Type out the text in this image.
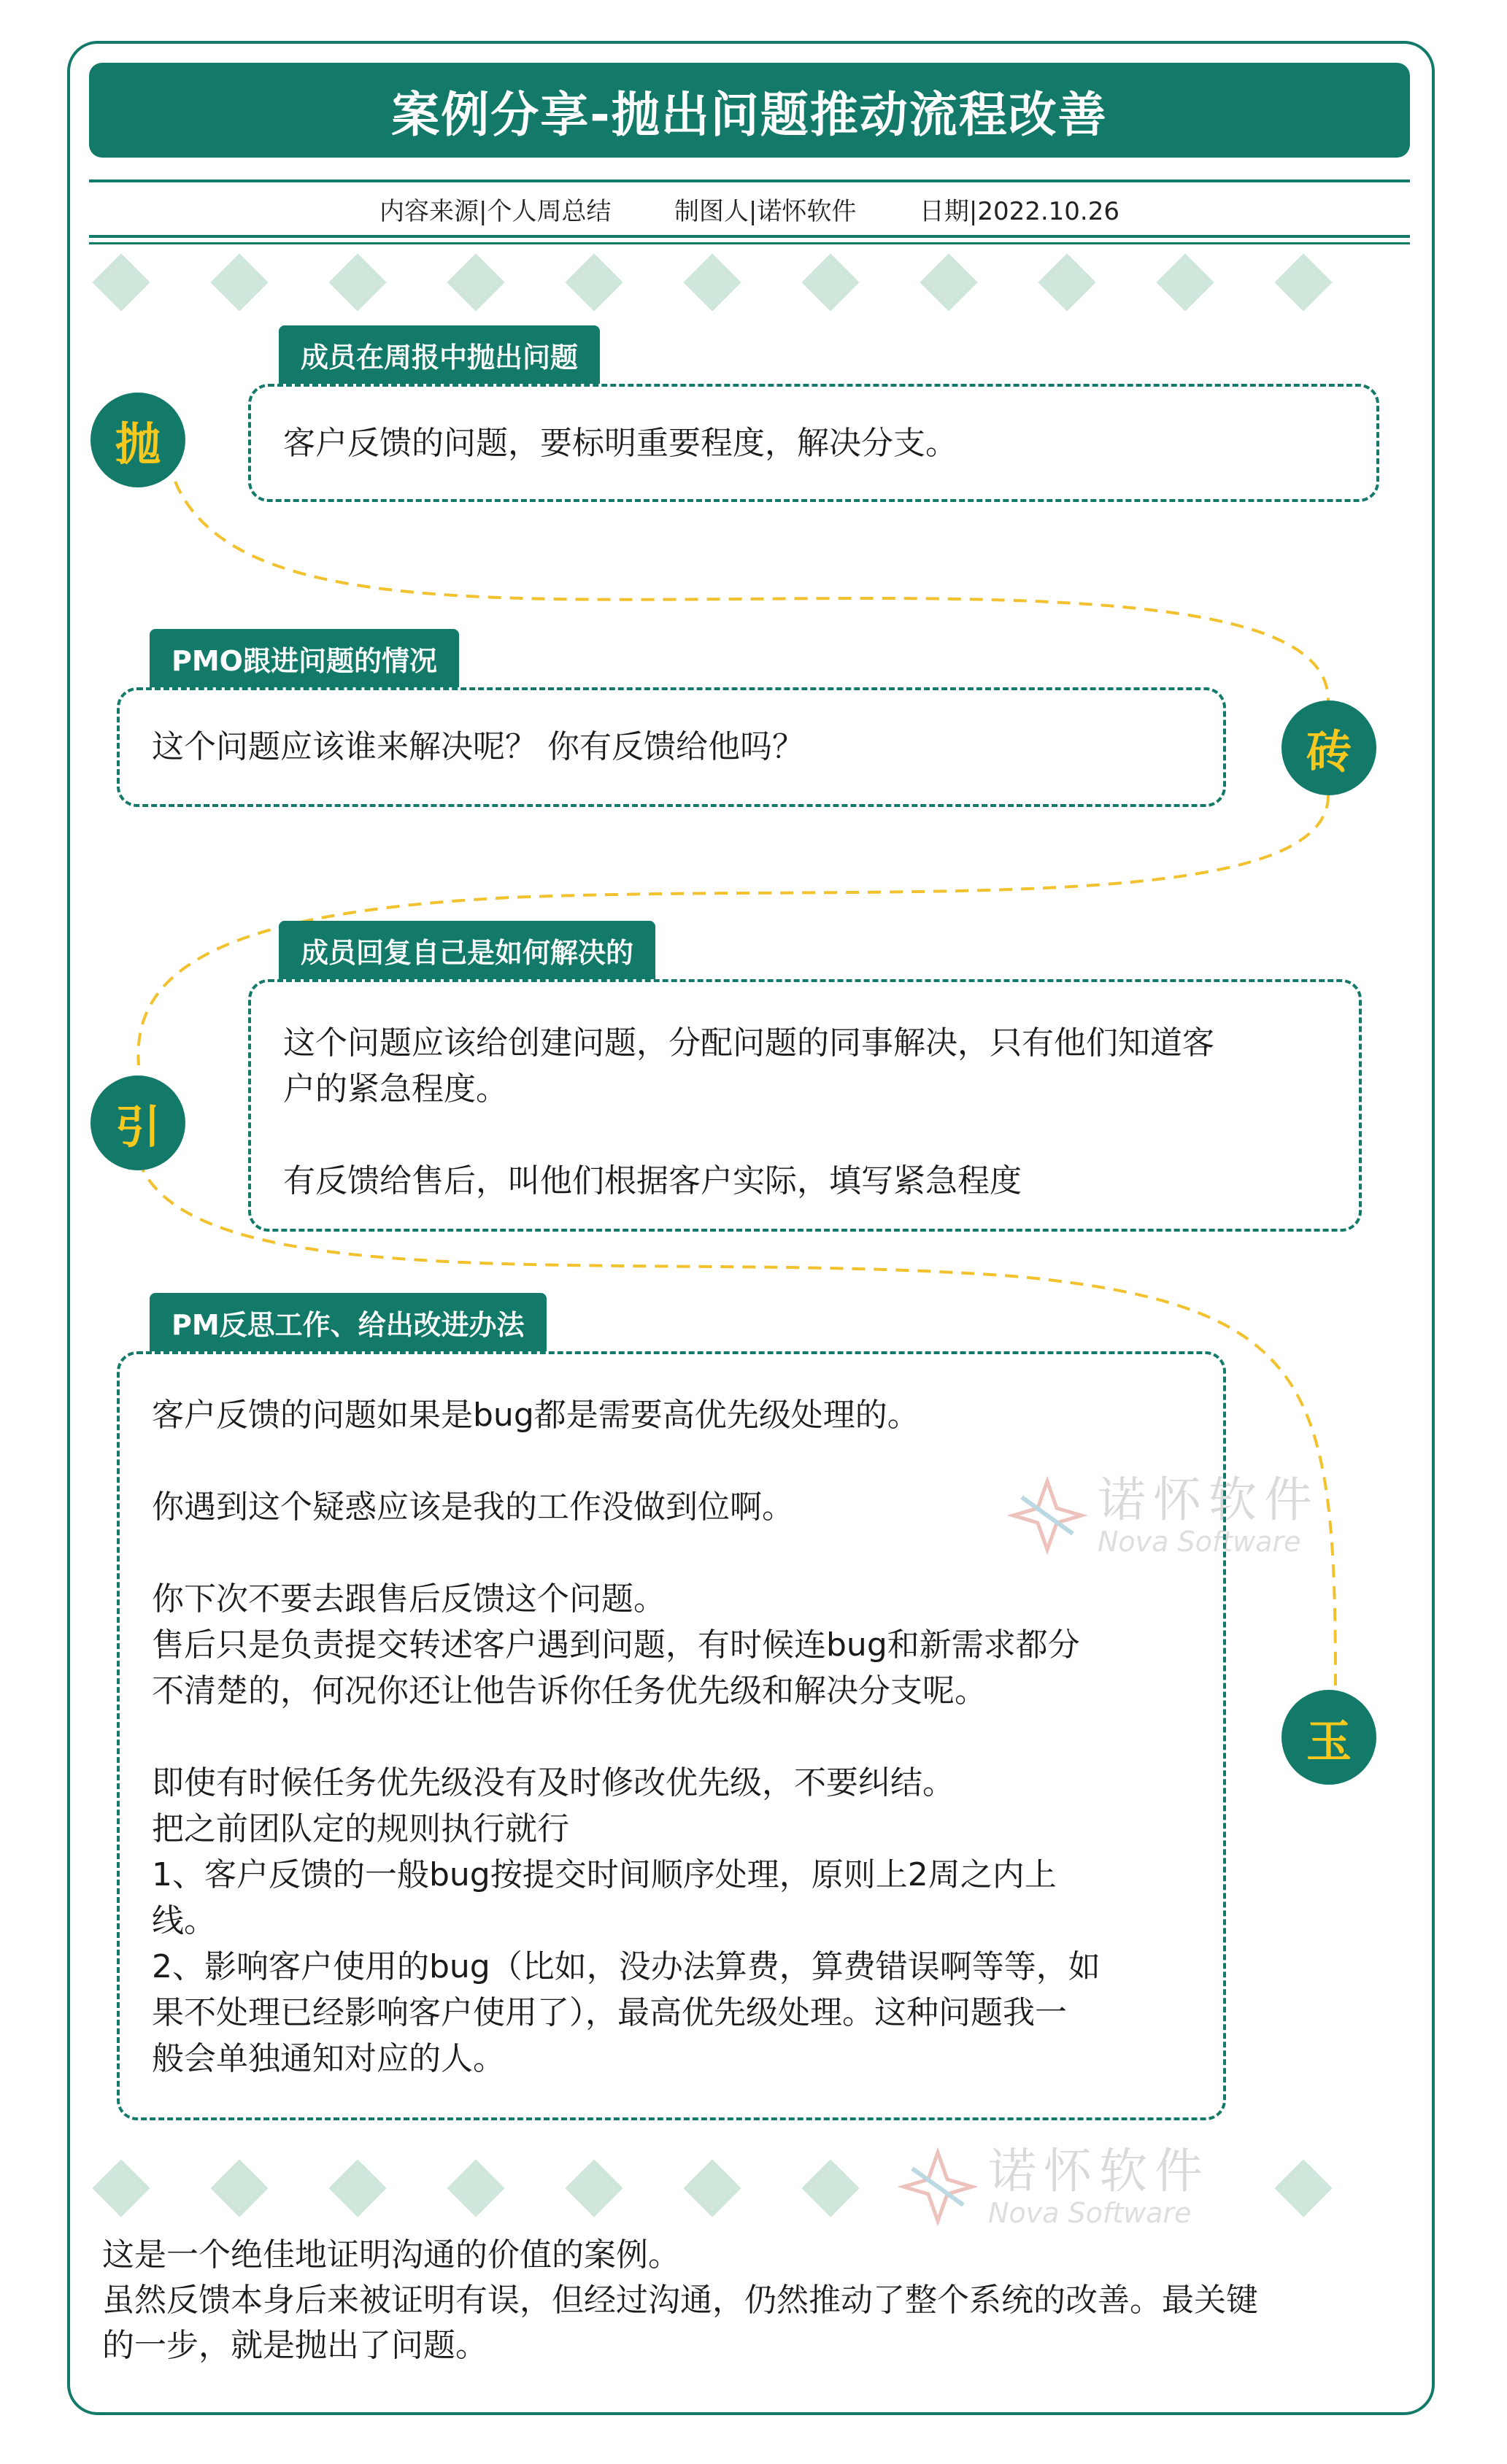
案例分享-抛出问题推动流程改善
内容来源|个人周总结	制图人|诺怀软件	日期|2022.10.26
成员在周报中抛出问题

客户反馈的问题，要标明重要程度，解决分支。

抛
PMO跟进问题的情况

这个问题应该谁来解决呢？ 你有反馈给他吗？	砖
成员回复自己是如何解决的

这个问题应该给创建问题，分配问题的同事解决，只有他们知道客

户的紧急程度。

有反馈给售后，叫他们根据客户实际，填写紧急程度

引
PM反思工作、给出改进办法

客户反馈的问题如果是bug都是需要高优先级处理的。

你遇到这个疑惑应该是我的工作没做到位啊。

你下次不要去跟售后反馈这个问题。

售后只是负责提交转述客户遇到问题，有时候连bug和新需求都分

不清楚的，何况你还让他告诉你任务优先级和解决分支呢。

即使有时候任务优先级没有及时修改优先级，不要纠结。

把之前团队定的规则执行就行

1、客户反馈的一般bug按提交时间顺序处理，原则上2周之内上

线。

2、影响客户使用的bug（比如，没办法算费，算费错误啊等等，如

果不处理已经影响客户使用了），最高优先级处理。这种问题我一

般会单独通知对应的人。

玉
诺怀软件
Nova Software
诺怀软件
Nova Software

这是一个绝佳地证明沟通的价值的案例。

虽然反馈本身后来被证明有误，但经过沟通，仍然推动了整个系统的改善。最关键

的一步，就是抛出了问题。
